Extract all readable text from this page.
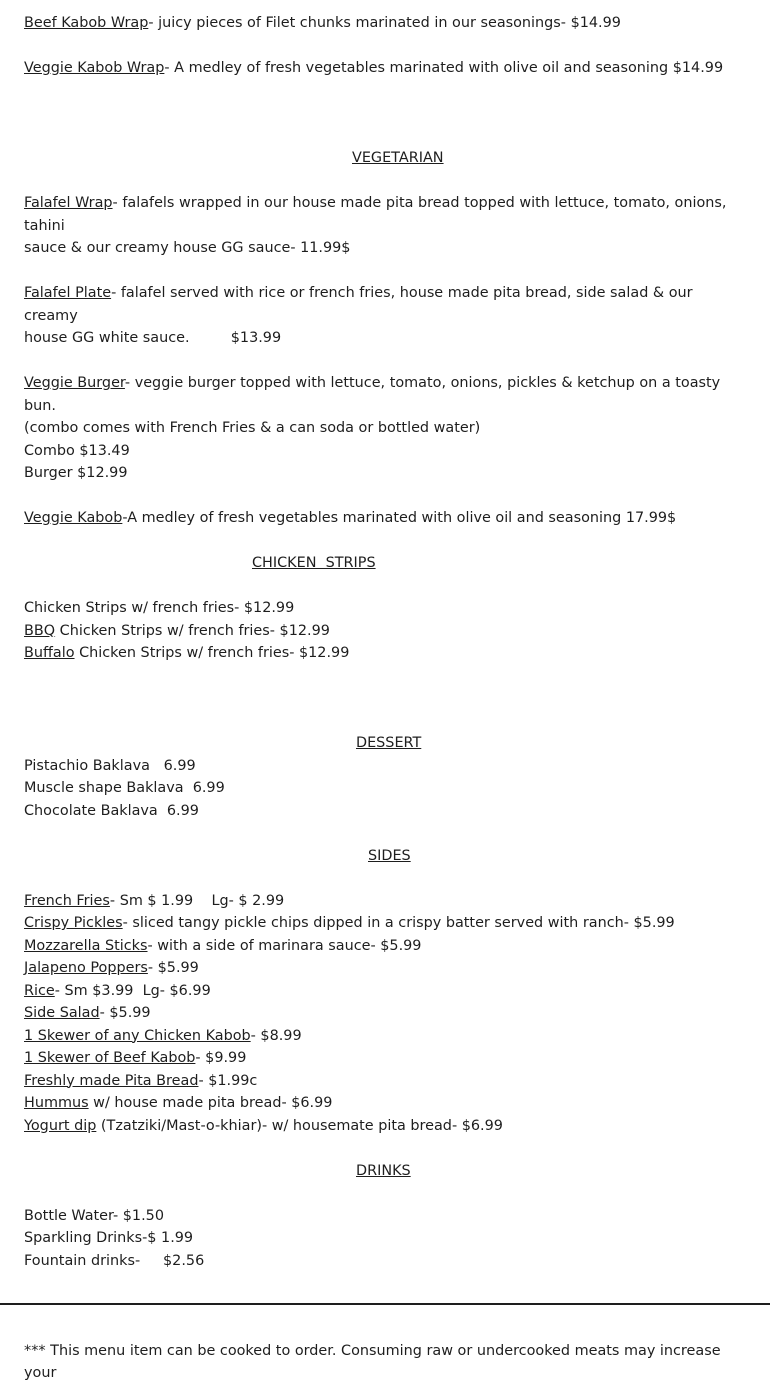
Beef Kabob Wrap- juicy pieces of Filet chunks marinated in our seasonings- $14.99
Veggie Kabob Wrap- A medley of fresh vegetables marinated with olive oil and seasoning $14.99
VEGETARIAN
Falafel Wrap- falafels wrapped in our house made pita bread topped with lettuce, tomato, onions, tahini
sauce & our creamy house GG sauce- 11.99$
Falafel Plate- falafel served with rice or french fries, house made pita bread, side salad & our creamy
house GG white sauce.         $13.99
Veggie Burger- veggie burger topped with lettuce, tomato, onions, pickles & ketchup on a toasty bun.
(combo comes with French Fries & a can soda or bottled water)
Combo $13.49
Burger $12.99
Veggie Kabob-A medley of fresh vegetables marinated with olive oil and seasoning 17.99$
CHICKEN  STRIPS
Chicken Strips w/ french fries- $12.99
BBQ Chicken Strips w/ french fries- $12.99
Buffalo Chicken Strips w/ french fries- $12.99
DESSERT
Pistachio Baklava   6.99
Muscle shape Baklava  6.99
Chocolate Baklava  6.99
SIDES
French Fries- Sm $ 1.99    Lg- $ 2.99
Crispy Pickles- sliced tangy pickle chips dipped in a crispy batter served with ranch- $5.99
Mozzarella Sticks- with a side of marinara sauce- $5.99
Jalapeno Poppers- $5.99
Rice- Sm $3.99  Lg- $6.99
Side Salad- $5.99
1 Skewer of any Chicken Kabob- $8.99
1 Skewer of Beef Kabob- $9.99
Freshly made Pita Bread- $1.99c
Hummus w/ house made pita bread- $6.99
Yogurt dip (Tzatziki/Mast-o-khiar)- w/ housemate pita bread- $6.99
DRINKS
Bottle Water- $1.50
Sparkling Drinks-$ 1.99
Fountain drinks-     $2.56
*** This menu item can be cooked to order. Consuming raw or undercooked meats may increase your
